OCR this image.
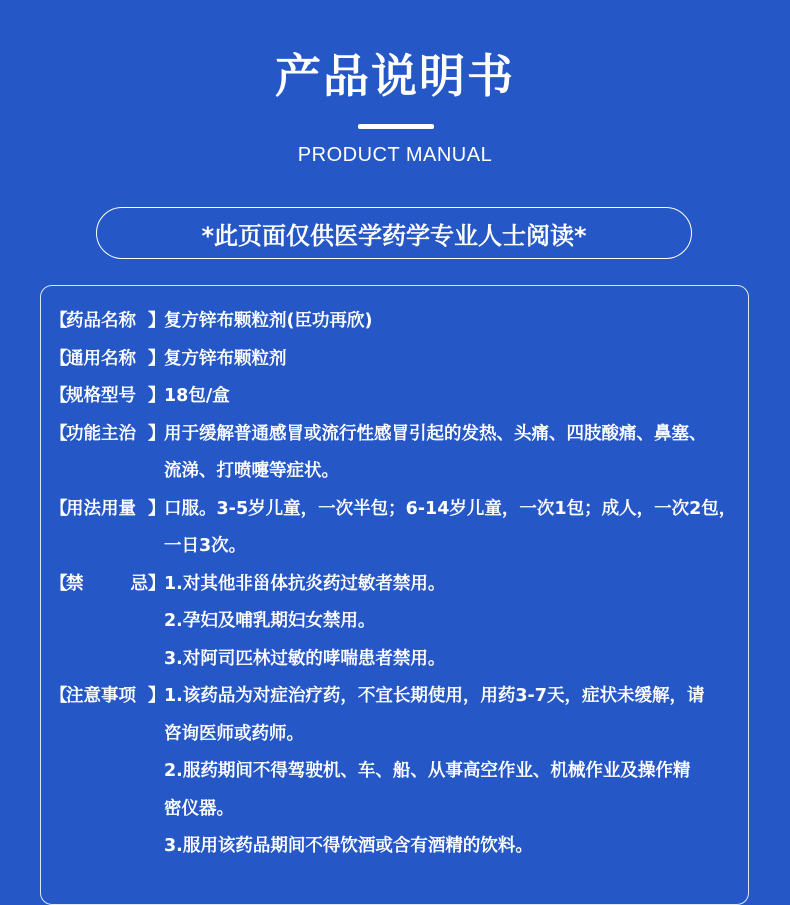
产品说明书
PRODUCT MANUAL
*此页面仅供医学药学专业人士阅读*
【
药品名称 】
复方锌布颗粒剂(臣功再欣)
【
通用名称 】
复方锌布颗粒剂
【
规格型号 】
18包/盒
【
功能主治 】
用于缓解普通感冒或流行性感冒引起的发热、头痛、四肢酸痛、鼻塞、
流涕、打喷嚏等症状。
【
用法用量 】
口服。3-5岁儿童，一次半包；6-14岁儿童，一次1包；成人，一次2包，
一日3次。
【
禁	忌 】
1.对其他非甾体抗炎药过敏者禁用。
2.孕妇及哺乳期妇女禁用。
3.对阿司匹林过敏的哮喘患者禁用。
【
注意事项 】
1.该药品为对症治疗药，不宜长期使用，用药3-7天，症状未缓解，请
咨询医师或药师。
2.服药期间不得驾驶机、车、船、从事高空作业、机械作业及操作精
密仪器。
3.服用该药品期间不得饮酒或含有酒精的饮料。
